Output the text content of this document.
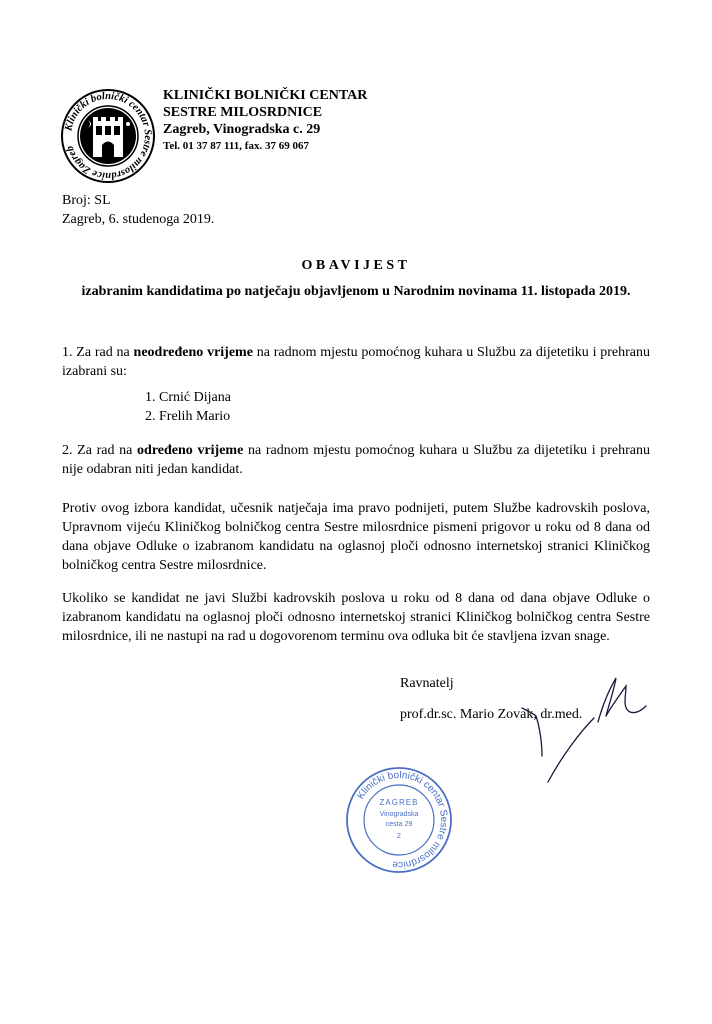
Klinički bolnički centar Sestre milosrdnice Zagreb
18	46
KLINIČKI BOLNIČKI CENTAR
SESTRE MILOSRDNICE
Zagreb, Vinogradska c. 29
Tel. 01 37 87 111, fax. 37 69 067
Broj: SL
Zagreb, 6. studenoga 2019.
OBAVIJEST
izabranim kandidatima po natječaju objavljenom u Narodnim novinama 11. listopada 2019.
1. Za rad na neodređeno vrijeme na radnom mjestu pomoćnog kuhara u Službu za dijetetiku i prehranu izabrani su:
1. Crnić Dijana
2. Frelih Mario
2. Za rad na određeno vrijeme na radnom mjestu pomoćnog kuhara u Službu za dijetetiku i prehranu nije odabran niti jedan kandidat.
Protiv ovog izbora kandidat, učesnik natječaja ima pravo podnijeti, putem Službe kadrovskih poslova, Upravnom vijeću Kliničkog bolničkog centra Sestre milosrdnice pismeni prigovor u roku od 8 dana od dana objave Odluke o izabranom kandidatu na oglasnoj ploči odnosno internetskoj stranici Kliničkog bolničkog centra Sestre milosrdnice.
Ukoliko se kandidat ne javi Službi kadrovskih poslova u roku od 8 dana od dana objave Odluke o izabranom kandidatu na oglasnoj ploči odnosno internetskoj stranici Kliničkog bolničkog centra Sestre milosrdnice, ili ne nastupi na rad u dogovorenom terminu ova odluka bit će stavljena izvan snage.
Ravnatelj
prof.dr.sc. Mario Zovak, dr.med.
Klinički bolnički centar Sestre milosrdnice
ZAGREB
Vinogradska
cesta 29
2
